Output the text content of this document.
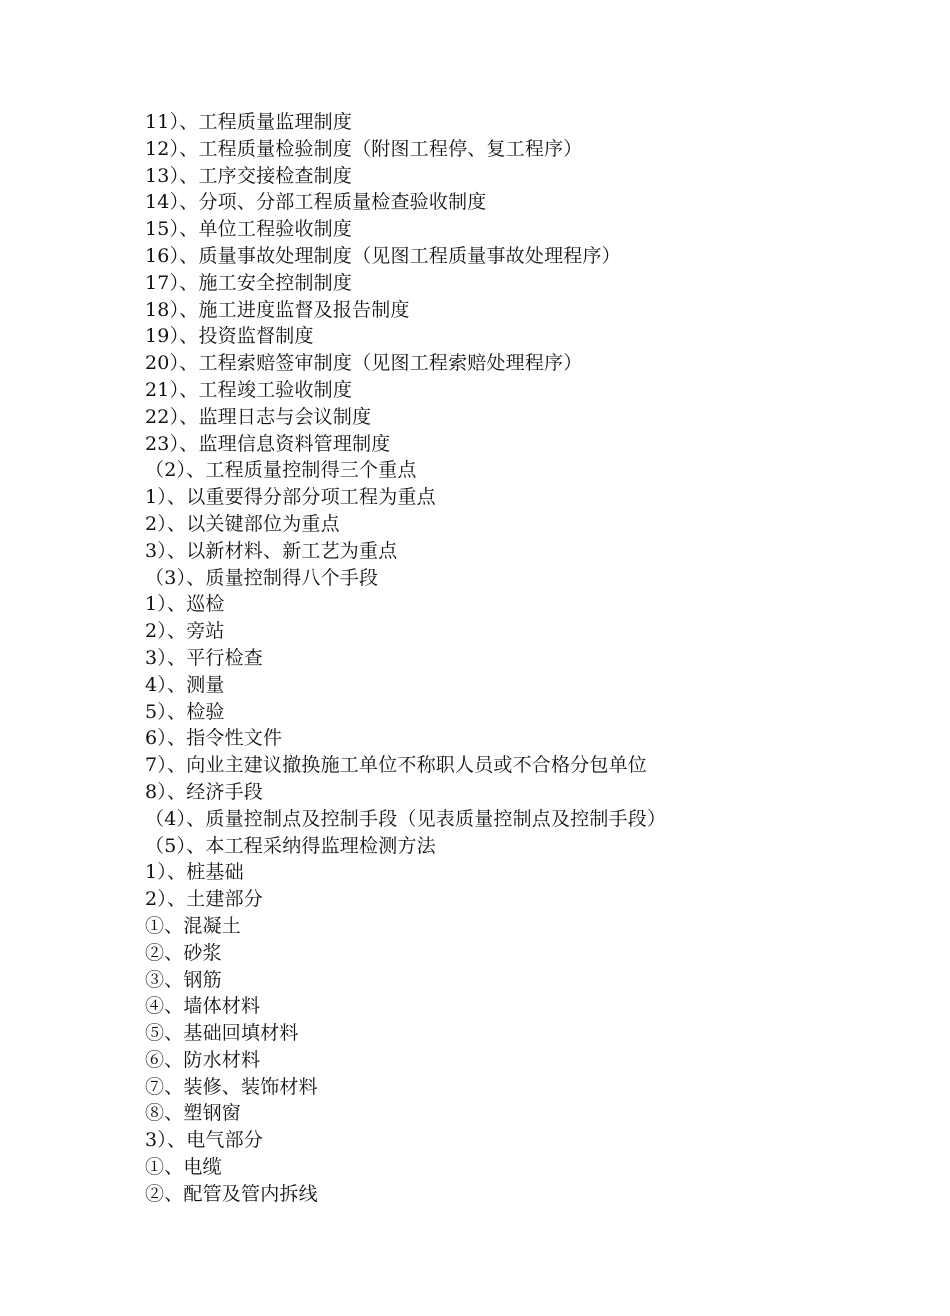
11）、工程质量监理制度
12）、工程质量检验制度（附图工程停、复工程序）
13）、工序交接检查制度
14）、分项、分部工程质量检查验收制度
15）、单位工程验收制度
16）、质量事故处理制度（见图工程质量事故处理程序）
17）、施工安全控制制度
18）、施工进度监督及报告制度
19）、投资监督制度
20）、工程索赔签审制度（见图工程索赔处理程序）
21）、工程竣工验收制度
22）、监理日志与会议制度
23）、监理信息资料管理制度
（2）、工程质量控制得三个重点
1）、以重要得分部分项工程为重点
2）、以关键部位为重点
3）、以新材料、新工艺为重点
（3）、质量控制得八个手段
1）、巡检
2）、旁站
3）、平行检查
4）、测量
5）、检验
6）、指令性文件
7）、向业主建议撤换施工单位不称职人员或不合格分包单位
8）、经济手段
（4）、质量控制点及控制手段（见表质量控制点及控制手段）
（5）、本工程采纳得监理检测方法
1）、桩基础
2）、土建部分
①、混凝土
②、砂浆
③、钢筋
④、墙体材料
⑤、基础回填材料
⑥、防水材料
⑦、装修、装饰材料
⑧、塑钢窗
3）、电气部分
①、电缆
②、配管及管内拆线
